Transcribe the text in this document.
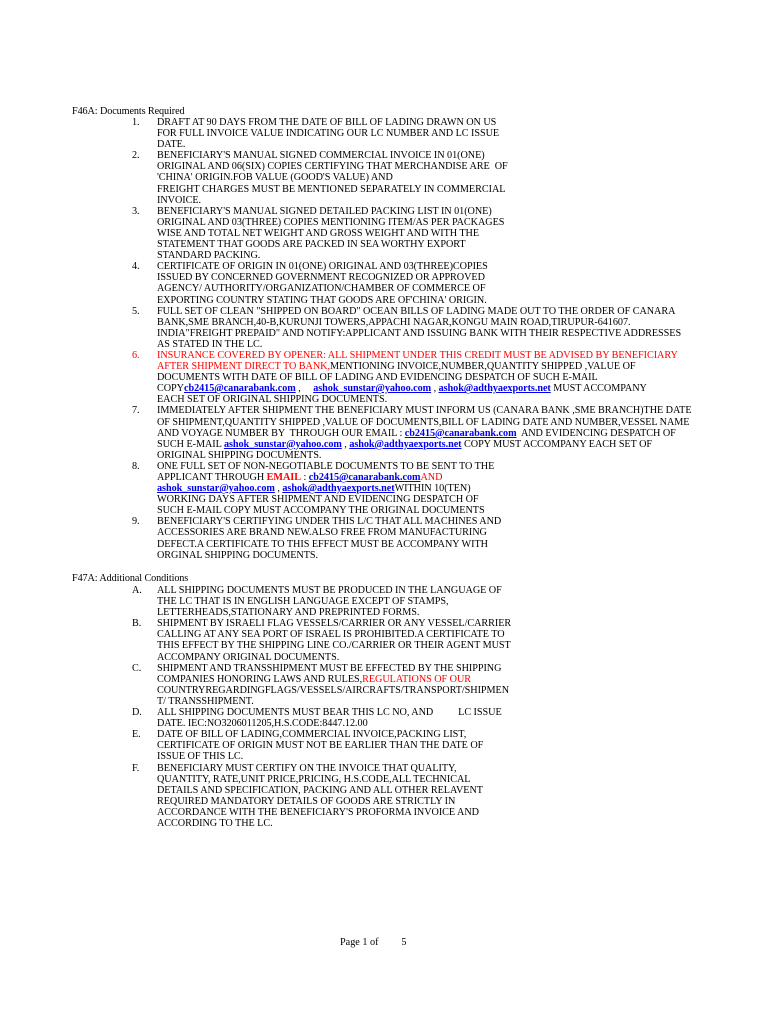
F46A: Documents Required
1.	DRAFT AT 90 DAYS FROM THE DATE OF BILL OF LADING DRAWN ON US
FOR FULL INVOICE VALUE INDICATING OUR LC NUMBER AND LC ISSUE
DATE.
2.	BENEFICIARY'S MANUAL SIGNED COMMERCIAL INVOICE IN 01(ONE)
ORIGINAL AND 06(SIX) COPIES CERTIFYING THAT MERCHANDISE ARE  OF
'CHINA' ORIGIN.FOB VALUE (GOOD'S VALUE) AND
FREIGHT CHARGES MUST BE MENTIONED SEPARATELY IN COMMERCIAL
INVOICE.
3.	BENEFICIARY'S MANUAL SIGNED DETAILED PACKING LIST IN 01(ONE)
ORIGINAL AND 03(THREE) COPIES MENTIONING ITEM/AS PER PACKAGES
WISE AND TOTAL NET WEIGHT AND GROSS WEIGHT AND WITH THE
STATEMENT THAT GOODS ARE PACKED IN SEA WORTHY EXPORT
STANDARD PACKING.
4.	CERTIFICATE OF ORIGIN IN 01(ONE) ORIGINAL AND 03(THREE)COPIES
ISSUED BY CONCERNED GOVERNMENT RECOGNIZED OR APPROVED
AGENCY/ AUTHORITY/ORGANIZATION/CHAMBER OF COMMERCE OF
EXPORTING COUNTRY STATING THAT GOODS ARE OF'CHINA' ORIGIN.
5.	FULL SET OF CLEAN "SHIPPED ON BOARD" OCEAN BILLS OF LADING MADE OUT TO THE ORDER OF CANARA
BANK,SME BRANCH,40-B,KURUNJI TOWERS,APPACHI NAGAR,KONGU MAIN ROAD,TIRUPUR-641607.
INDIA"FREIGHT PREPAID" AND NOTIFY:APPLICANT AND ISSUING BANK WITH THEIR RESPECTIVE ADDRESSES
AS STATED IN THE LC.
6.	INSURANCE COVERED BY OPENER: ALL SHIPMENT UNDER THIS CREDIT MUST BE ADVISED BY BENEFICIARY
AFTER SHIPMENT DIRECT TO BANK,MENTIONING INVOICE,NUMBER,QUANTITY SHIPPED ,VALUE OF
DOCUMENTS WITH DATE OF BILL OF LADING AND EVIDENCING DESPATCH OF SUCH E-MAIL
COPYcb2415@canarabank.com ,     ashok_sunstar@yahoo.com , ashok@adthyaexports.net MUST ACCOMPANY
EACH SET OF ORIGINAL SHIPPING DOCUMENTS.
7.	IMMEDIATELY AFTER SHIPMENT THE BENEFICIARY MUST INFORM US (CANARA BANK ,SME BRANCH)THE DATE
OF SHIPMENT,QUANTITY SHIPPED ,VALUE OF DOCUMENTS,BILL OF LADING DATE AND NUMBER,VESSEL NAME
AND VOYAGE NUMBER BY  THROUGH OUR EMAIL : cb2415@canarabank.com  AND EVIDENCING DESPATCH OF
SUCH E-MAIL ashok_sunstar@yahoo.com , ashok@adthyaexports.net COPY MUST ACCOMPANY EACH SET OF
ORIGINAL SHIPPING DOCUMENTS.
8.	ONE FULL SET OF NON-NEGOTIABLE DOCUMENTS TO BE SENT TO THE
APPLICANT THROUGH EMAIL : cb2415@canarabank.comAND
ashok_sunstar@yahoo.com , ashok@adthyaexports.netWITHIN 10(TEN)
WORKING DAYS AFTER SHIPMENT AND EVIDENCING DESPATCH OF
SUCH E-MAIL COPY MUST ACCOMPANY THE ORIGINAL DOCUMENTS
9.	BENEFICIARY'S CERTIFYING UNDER THIS L/C THAT ALL MACHINES AND
ACCESSORIES ARE BRAND NEW.ALSO FREE FROM MANUFACTURING
DEFECT.A CERTIFICATE TO THIS EFFECT MUST BE ACCOMPANY WITH
ORGINAL SHIPPING DOCUMENTS.
F47A: Additional Conditions
A.	ALL SHIPPING DOCUMENTS MUST BE PRODUCED IN THE LANGUAGE OF
THE LC THAT IS IN ENGLISH LANGUAGE EXCEPT OF STAMPS,
LETTERHEADS,STATIONARY AND PREPRINTED FORMS.
B.	SHIPMENT BY ISRAELI FLAG VESSELS/CARRIER OR ANY VESSEL/CARRIER
CALLING AT ANY SEA PORT OF ISRAEL IS PROHIBITED.A CERTIFICATE TO
THIS EFFECT BY THE SHIPPING LINE CO./CARRIER OR THEIR AGENT MUST
ACCOMPANY ORIGINAL DOCUMENTS.
C.	SHIPMENT AND TRANSSHIPMENT MUST BE EFFECTED BY THE SHIPPING
COMPANIES HONORING LAWS AND RULES,REGULATIONS OF OUR
COUNTRYREGARDINGFLAGS/VESSELS/AIRCRAFTS/TRANSPORT/SHIPMEN
T/ TRANSSHIPMENT.
D.	ALL SHIPPING DOCUMENTS MUST BEAR THIS LC NO, AND          LC ISSUE
DATE. IEC:NO3206011205,H.S.CODE:8447.12.00
E.	DATE OF BILL OF LADING,COMMERCIAL INVOICE,PACKING LIST,
CERTIFICATE OF ORIGIN MUST NOT BE EARLIER THAN THE DATE OF
ISSUE OF THIS LC.
F.	BENEFICIARY MUST CERTIFY ON THE INVOICE THAT QUALITY,
QUANTITY, RATE,UNIT PRICE,PRICING, H.S.CODE,ALL TECHNICAL
DETAILS AND SPECIFICATION, PACKING AND ALL OTHER RELAVENT
REQUIRED MANDATORY DETAILS OF GOODS ARE STRICTLY IN
ACCORDANCE WITH THE BENEFICIARY'S PROFORMA INVOICE AND
ACCORDING TO THE LC.
Page 1 of 5
